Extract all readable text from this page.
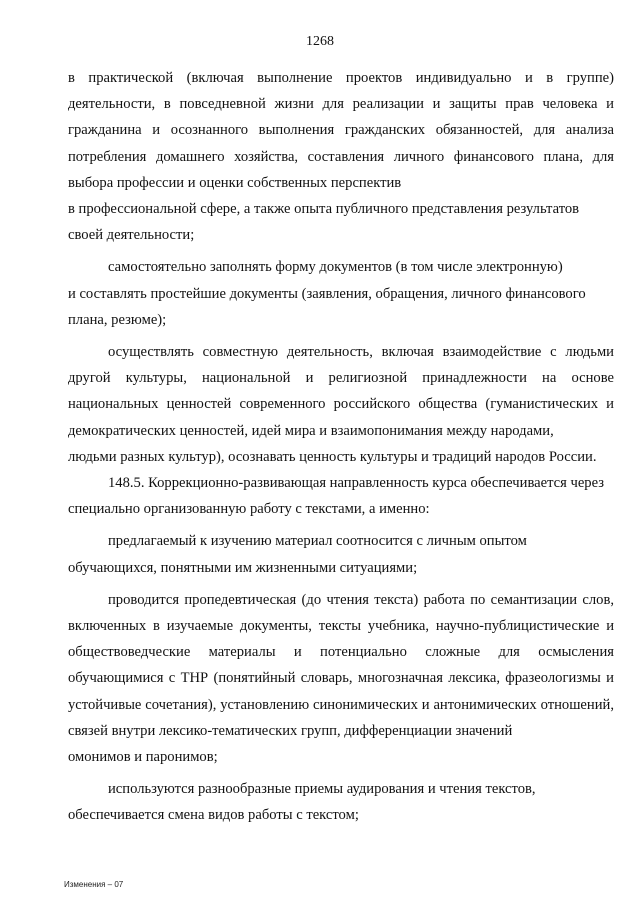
1268

в практической (включая выполнение проектов индивидуально и в группе) деятельности, в повседневной жизни для реализации и защиты прав человека и гражданина и осознанного выполнения гражданских обязанностей, для анализа потребления домашнего хозяйства, составления личного финансового плана, для выбора профессии и оценки собственных перспектив
в профессиональной сфере, а также опыта публичного представления результатов
своей деятельности;

самостоятельно заполнять форму документов (в том числе электронную)
и составлять простейшие документы (заявления, обращения, личного финансового
плана, резюме);

осуществлять совместную деятельность, включая взаимодействие с людьми другой культуры, национальной и религиозной принадлежности на основе национальных ценностей современного российского общества (гуманистических и демократических ценностей, идей мира и взаимопонимания между народами,
людьми разных культур), осознавать ценность культуры и традиций народов России.

148.5. Коррекционно-развивающая направленность курса обеспечивается через
специально организованную работу с текстами, а именно:

предлагаемый к изучению материал соотносится с личным опытом
обучающихся, понятными им жизненными ситуациями;

проводится пропедевтическая (до чтения текста) работа по семантизации слов, включенных в изучаемые документы, тексты учебника, научно-публицистические и обществоведческие материалы и потенциально сложные для осмысления обучающимися с ТНР (понятийный словарь, многозначная лексика, фразеологизмы и устойчивые сочетания), установлению синонимических и антонимических отношений, связей внутри лексико-тематических групп, дифференциации значений
омонимов и паронимов;

используются разнообразные приемы аудирования и чтения текстов,
обеспечивается смена видов работы с текстом;

Изменения – 07
